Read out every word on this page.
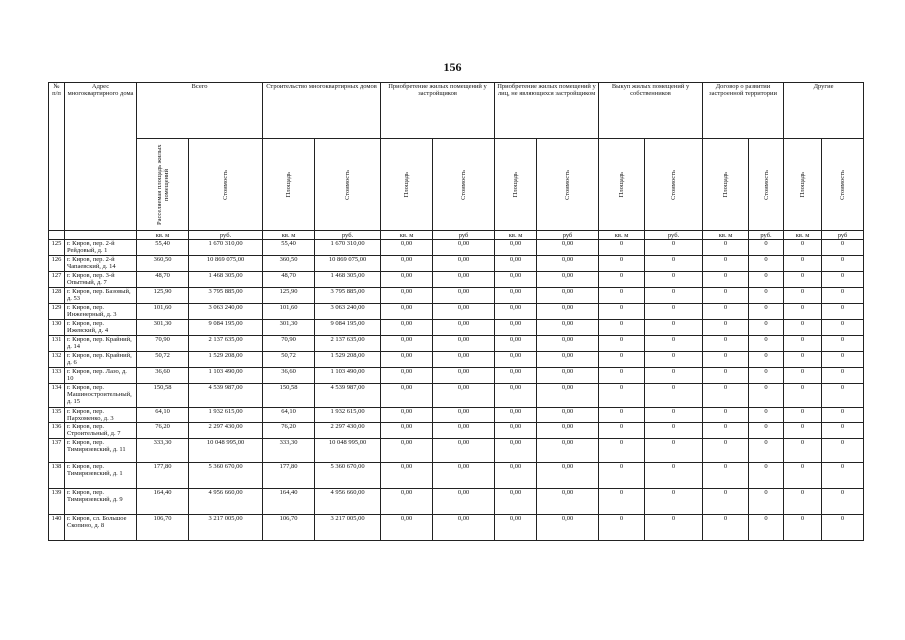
156
№ п/п	Адрес многоквартирного дома	Всего		Строительство многоквартирных домов		Приобретение жилых помещений у застройщиков		Приобретение жилых помещений у лиц, не являющихся застройщиком		Выкуп жилых помещений у собственников		Договор о развитии застроенной территории		Другие	

		Расселяемая площадь жилых помещений	Стоимость	Площадь	Стоимость	Площадь	Стоимость	Площадь	Стоимость	Площадь	Стоимость	Площадь	Стоимость	Площадь	Стоимость

		кв. м	руб.	кв. м	руб.	кв. м	руб	кв. м	руб	кв. м	руб.	кв. м	руб.	кв. м	руб
125	г. Киров, пер. 2-й Рейдовый, д. 1	55,40	1 670 310,00	55,40	1 670 310,00	0,00	0,00	0,00	0,00	0	0	0	0	0	0
126	г. Киров, пер. 2-й Чапаевский, д. 14	360,50	10 869 075,00	360,50	10 869 075,00	0,00	0,00	0,00	0,00	0	0	0	0	0	0
127	г. Киров, пер. 3-й Опытный, д. 7	48,70	1 468 305,00	48,70	1 468 305,00	0,00	0,00	0,00	0,00	0	0	0	0	0	0
128	г. Киров, пер. Базовый, д. 53	125,90	3 795 885,00	125,90	3 795 885,00	0,00	0,00	0,00	0,00	0	0	0	0	0	0
129	г. Киров, пер. Инженерный, д. 3	101,60	3 063 240,00	101,60	3 063 240,00	0,00	0,00	0,00	0,00	0	0	0	0	0	0
130	г. Киров, пер. Ижевский, д. 4	301,30	9 084 195,00	301,30	9 084 195,00	0,00	0,00	0,00	0,00	0	0	0	0	0	0
131	г. Киров, пер. Крайний, д. 14	70,90	2 137 635,00	70,90	2 137 635,00	0,00	0,00	0,00	0,00	0	0	0	0	0	0
132	г. Киров, пер. Крайний, д. 6	50,72	1 529 208,00	50,72	1 529 208,00	0,00	0,00	0,00	0,00	0	0	0	0	0	0
133	г. Киров, пер. Лазо, д. 10	36,60	1 103 490,00	36,60	1 103 490,00	0,00	0,00	0,00	0,00	0	0	0	0	0	0
134	г. Киров, пер. Машиностроительный, д. 15	150,58	4 539 987,00	150,58	4 539 987,00	0,00	0,00	0,00	0,00	0	0	0	0	0	0
135	г. Киров, пер. Пархоменко, д. 3	64,10	1 932 615,00	64,10	1 932 615,00	0,00	0,00	0,00	0,00	0	0	0	0	0	0
136	г. Киров, пер. Строительный, д. 7	76,20	2 297 430,00	76,20	2 297 430,00	0,00	0,00	0,00	0,00	0	0	0	0	0	0
137	г. Киров, пер. Тимирязевский, д. 11	333,30	10 048 995,00	333,30	10 048 995,00	0,00	0,00	0,00	0,00	0	0	0	0	0	0
138	г. Киров, пер. Тимирязевский, д. 1	177,80	5 360 670,00	177,80	5 360 670,00	0,00	0,00	0,00	0,00	0	0	0	0	0	0
139	г. Киров, пер. Тимирязевский, д. 9	164,40	4 956 660,00	164,40	4 956 660,00	0,00	0,00	0,00	0,00	0	0	0	0	0	0
140	г. Киров, сл. Большое Скопино, д. 8	106,70	3 217 005,00	106,70	3 217 005,00	0,00	0,00	0,00	0,00	0	0	0	0	0	0
